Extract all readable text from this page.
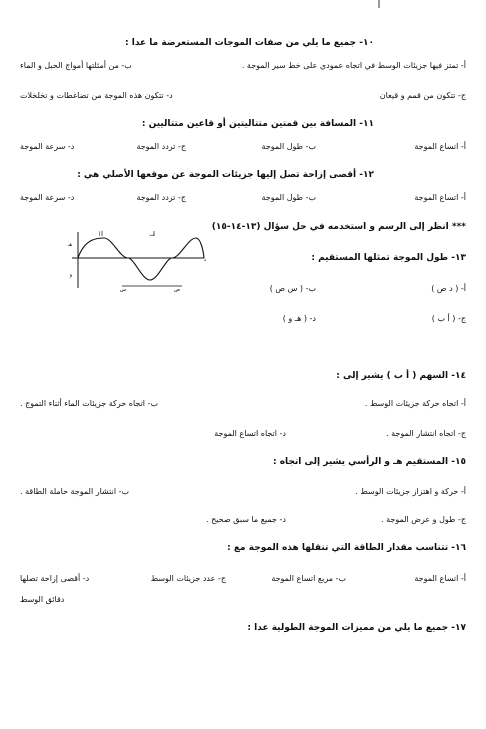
١٠- جميع ما يلي من صفات الموجات المستعرضة ما عدا :
أ- تمتز فيها جزيئات الوسط في اتجاه عمودي على خط سير الموجة .
ب- من أمثلتها أمواج الحبل و الماء
ج- تتكون من قمم و قيعان
د- تتكون هذه الموجة من تضاغطات و تخلخلات
١١- المسافة بين قمتين متتاليتين أو قاعين متتاليين :
أ- اتساع الموجة
ب- طول الموجة
ج- تردد الموجة
د- سرعة الموجة
١٢- أقصى إزاحة تصل إليها جزيئات الموجة عن موقعها الأصلي هي :
أ- اتساع الموجة
ب- طول الموجة
ج- تردد الموجة
د- سرعة الموجة
*** انظر إلى الرسم و استخدمه في حل سؤال (١٣-١٤-١٥)
أ	ب
س	ص
هـ
و
د	١٣- طول الموجة تمثلها المستقيم :
أ- ( د ص )
ب- ( س ص )
ج- ( أ ب )
د- ( هـ و )
١٤- السهم ( أ ب ) يشير إلى :
أ- اتجاه حركة جزيئات الوسط .
ب- اتجاه حركة جزيئات الماء أثناء التموج .
ج- اتجاه انتشار الموجة .
د- اتجاه اتساع الموجة
١٥- المستقيم هـ و الرأسي يشير إلى اتجاه :
أ- حركة و اهتزاز جزيئات الوسط .
ب- انتشار الموجة حاملة الطاقة .
ج- طول و عرض الموجة .
د- جميع ما سبق صحيح .
١٦- تتناسب مقدار الطاقة التي تنقلها هذه الموجة مع :
أ- اتساع الموجة
ب- مربع اتساع الموجة
ج- عدد جزيئات الوسط
د- أقصى إزاحة تصلها
دقائق الوسط
١٧- جميع ما يلي من مميزات الموجة الطولية عدا :
